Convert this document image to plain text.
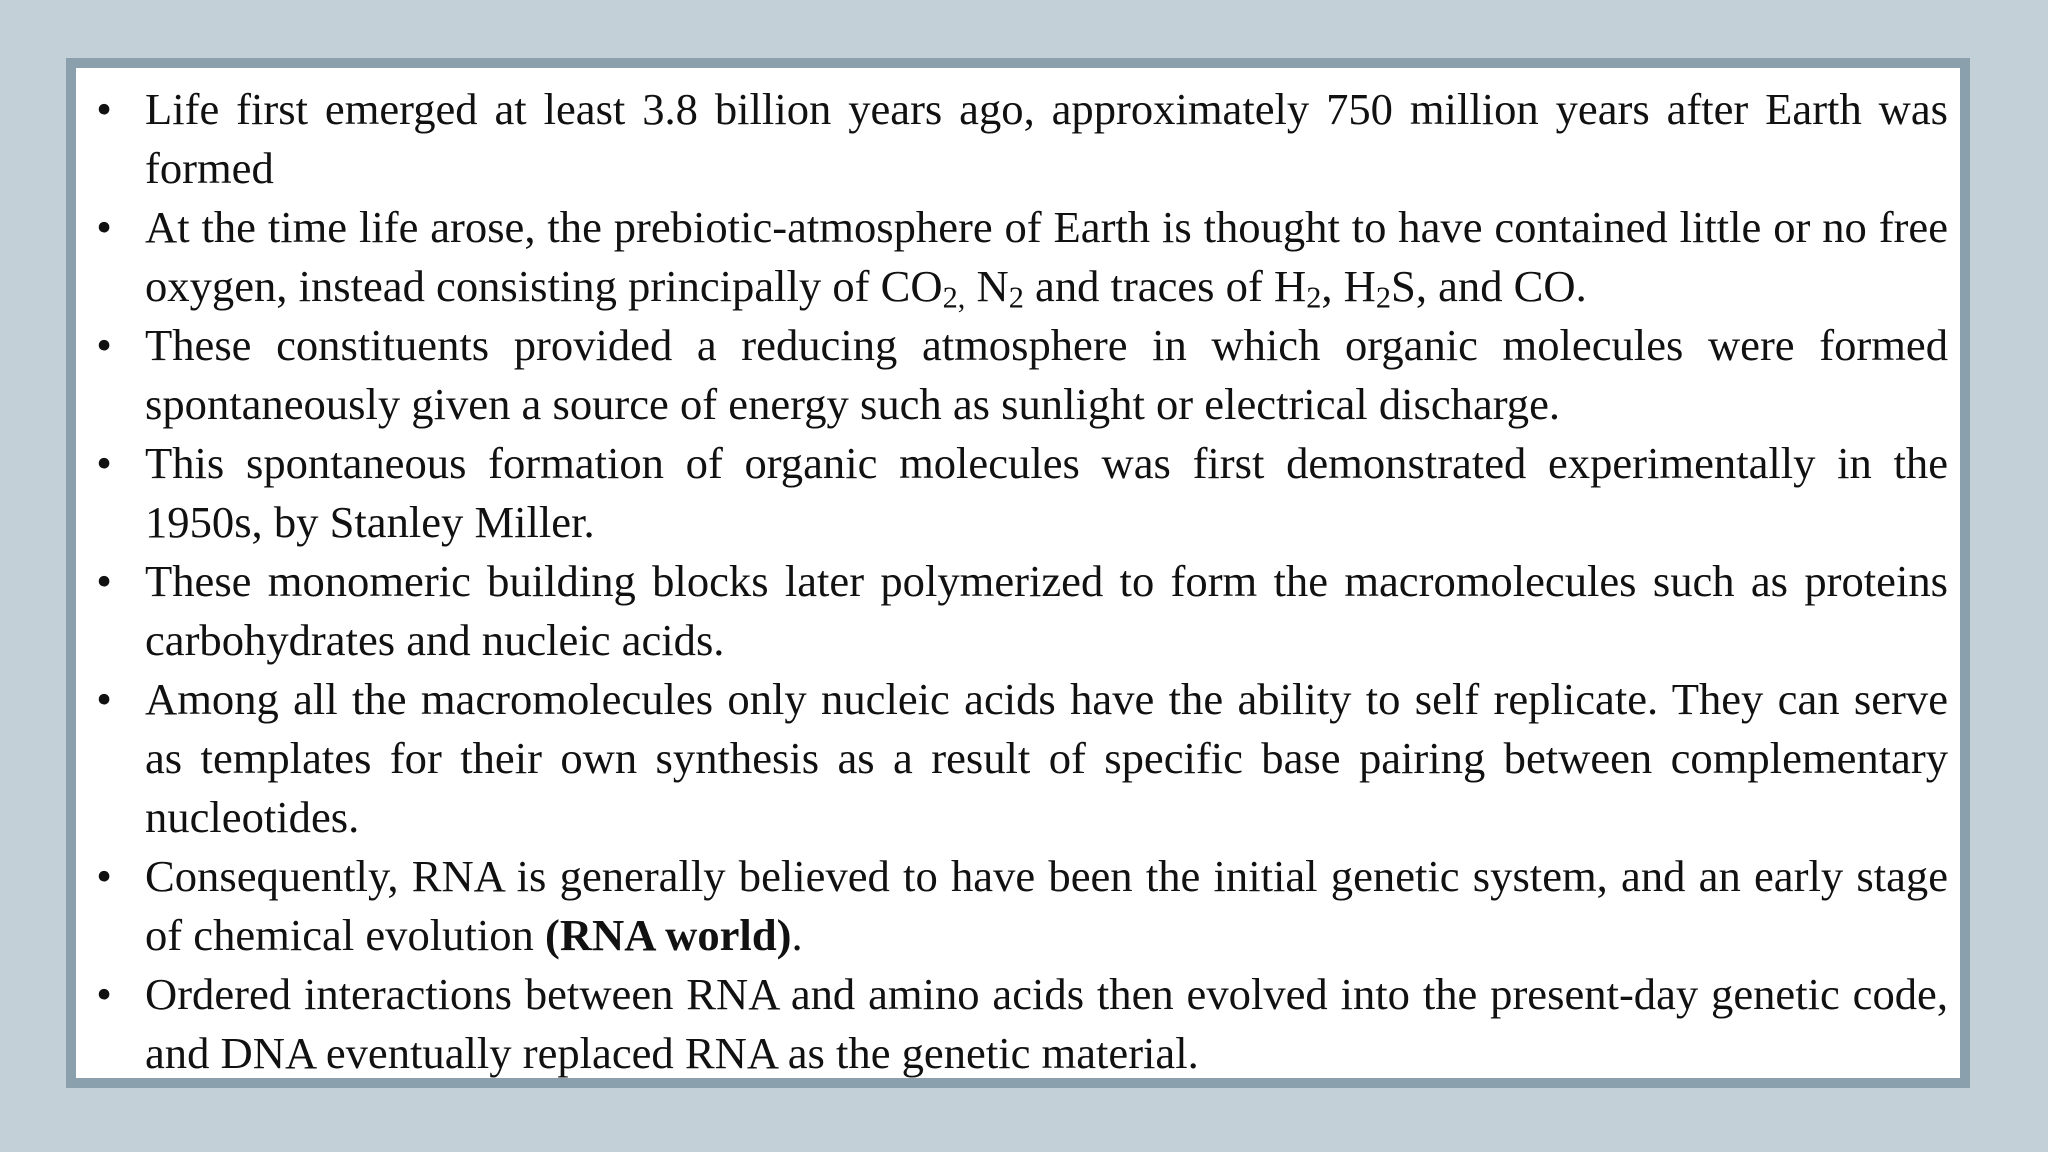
• Life first emerged at least 3.8 billion years ago, approximately 750 million years after Earth was formed
• At the time life arose, the prebiotic-atmosphere of Earth is thought to have contained little or no free oxygen, instead consisting principally of $CO_{2,}$ $N_2$ and traces of $H_2$, $H_2S$, and CO.
• These constituents provided a reducing atmosphere in which organic molecules were formed spontaneously given a source of energy such as sunlight or electrical discharge.
• This spontaneous formation of organic molecules was first demonstrated experimentally in the 1950s, by Stanley Miller.
• These monomeric building blocks later polymerized to form the macromolecules such as proteins carbohydrates and nucleic acids.
• Among all the macromolecules only nucleic acids have the ability to self replicate. They can serve as templates for their own synthesis as a result of specific base pairing between complementary nucleotides.
• Consequently, RNA is generally believed to have been the initial genetic system, and an early stage of chemical evolution (RNA world).
• Ordered interactions between RNA and amino acids then evolved into the present-day genetic code, and DNA eventually replaced RNA as the genetic material.
